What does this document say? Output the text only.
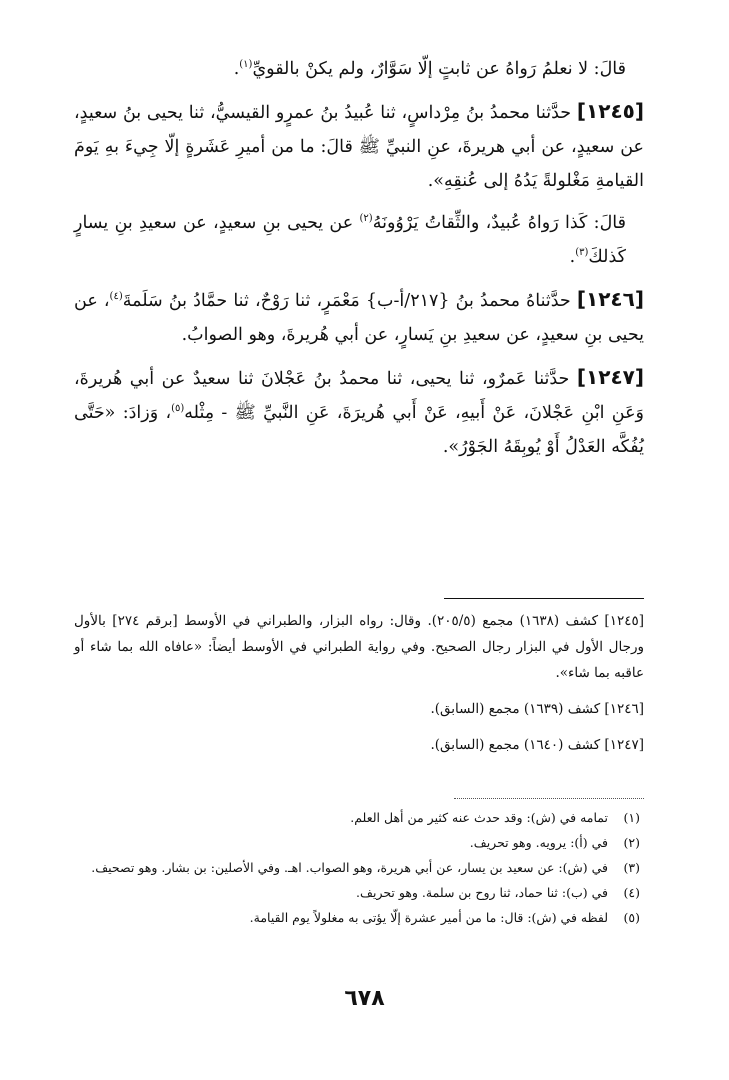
قالَ: لا نعلمُ رَواهُ عن ثابتٍ إلّا سَوَّارٌ، ولم يكنْ بالقويِّ$^{(١)}$.

[١٢٤٥] حدَّثنا محمدُ بنُ مِرْداسٍ، ثنا عُبيدُ بنُ عمرٍو القيسيُّ، ثنا يحيى بنُ سعيدٍ، عن سعيدٍ، عن أبي هريرةَ، عنِ النبيِّ ﷺ قالَ: ما من أميرِ عَشَرةٍ إلّا جِيءَ بهِ يَومَ القيامةِ مَغْلولةً يَدُهُ إلى عُنقِهِ».

قالَ: كَذا رَواهُ عُبيدٌ، والثِّقاتُ يَرْوُونَهُ$^{(٢)}$ عن يحيى بنِ سعيدٍ، عن سعيدِ بنِ يسارٍ كَذلكَ$^{(٣)}$.

[١٢٤٦] حدَّثناهُ محمدُ بنُ {٢١٧/أ-ب} مَعْمَرٍ، ثنا رَوْحٌ، ثنا حمَّادُ بنُ سَلَمةَ$^{(٤)}$، عن يحيى بنِ سعيدٍ، عن سعيدِ بنِ يَسارٍ، عن أبي هُريرةَ، وهو الصوابُ.

[١٢٤٧] حدَّثنا عَمرٌو، ثنا يحيى، ثنا محمدُ بنُ عَجْلانَ ثنا سعيدٌ عن أبي هُريرةَ، وَعَنِ ابْنِ عَجْلانَ، عَنْ أَبيهِ، عَنْ أَبي هُريرَةَ، عَنِ النَّبيِّ ﷺ - مِثْله$^{(٥)}$، وَزادَ: «حَتَّى يُفُكَّه العَدْلُ أَوْ يُوبِقَهُ الجَوْرُ».

[١٢٤٥] كشف (١٦٣٨) مجمع (٢٠٥/٥). وقال: رواه البزار، والطبراني في الأوسط [برقم ٢٧٤] بالأول ورجال الأول في البزار رجال الصحيح. وفي رواية الطبراني في الأوسط أيضاً: «عافاه الله بما شاء أو عاقبه بما شاء».

[١٢٤٦] كشف (١٦٣٩) مجمع (السابق).

[١٢٤٧] كشف (١٦٤٠) مجمع (السابق).

(١)
تمامه في (ش): وقد حدث عنه كثير من أهل العلم.
(٢)
في (أ): يرويه. وهو تحريف.
(٣)
في (ش): عن سعيد بن يسار، عن أبي هريرة، وهو الصواب. اهـ. وفي الأصلين: بن بشار. وهو تصحيف.
(٤)
في (ب): ثنا حماد، ثنا روح بن سلمة. وهو تحريف.
(٥)
لفظه في (ش): قال: ما من أمير عشرة إلّا يؤتى به مغلولاً يوم القيامة.
٦٧٨
